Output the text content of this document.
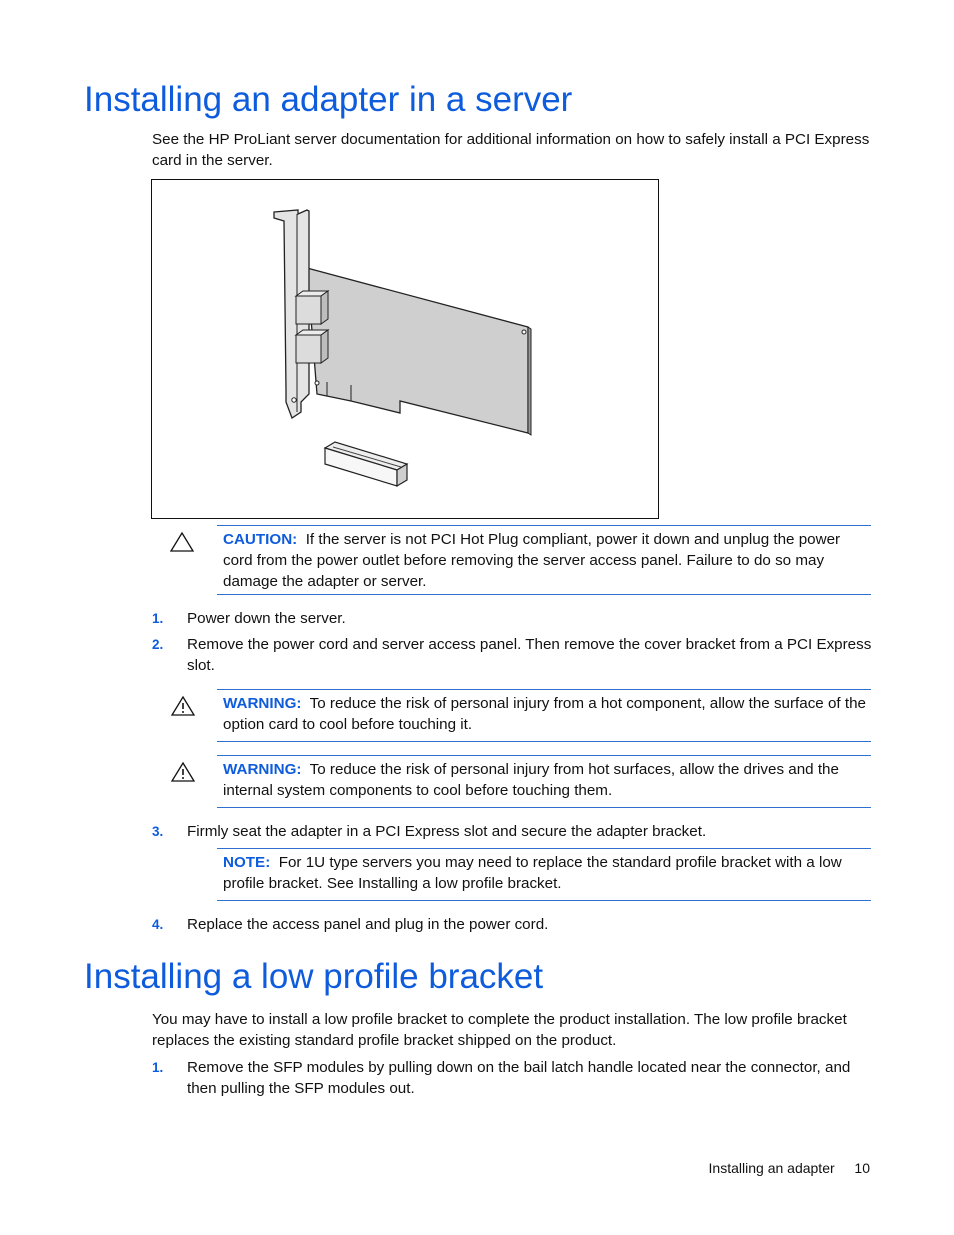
Installing an adapter in a server
See the HP ProLiant server documentation for additional information on how to safely install a PCI Express card in the server.
CAUTION: If the server is not PCI Hot Plug compliant, power it down and unplug the power cord from the power outlet before removing the server access panel. Failure to do so may damage the adapter or server.
1. Power down the server.
2. Remove the power cord and server access panel. Then remove the cover bracket from a PCI Express slot.
WARNING: To reduce the risk of personal injury from a hot component, allow the surface of the option card to cool before touching it.
WARNING: To reduce the risk of personal injury from hot surfaces, allow the drives and the internal system components to cool before touching them.
3. Firmly seat the adapter in a PCI Express slot and secure the adapter bracket.
NOTE: For 1U type servers you may need to replace the standard profile bracket with a low profile bracket. See Installing a low profile bracket.
4. Replace the access panel and plug in the power cord.
Installing a low profile bracket
You may have to install a low profile bracket to complete the product installation. The low profile bracket replaces the existing standard profile bracket shipped on the product.
1. Remove the SFP modules by pulling down on the bail latch handle located near the connector, and then pulling the SFP modules out.
Installing an adapter 10
